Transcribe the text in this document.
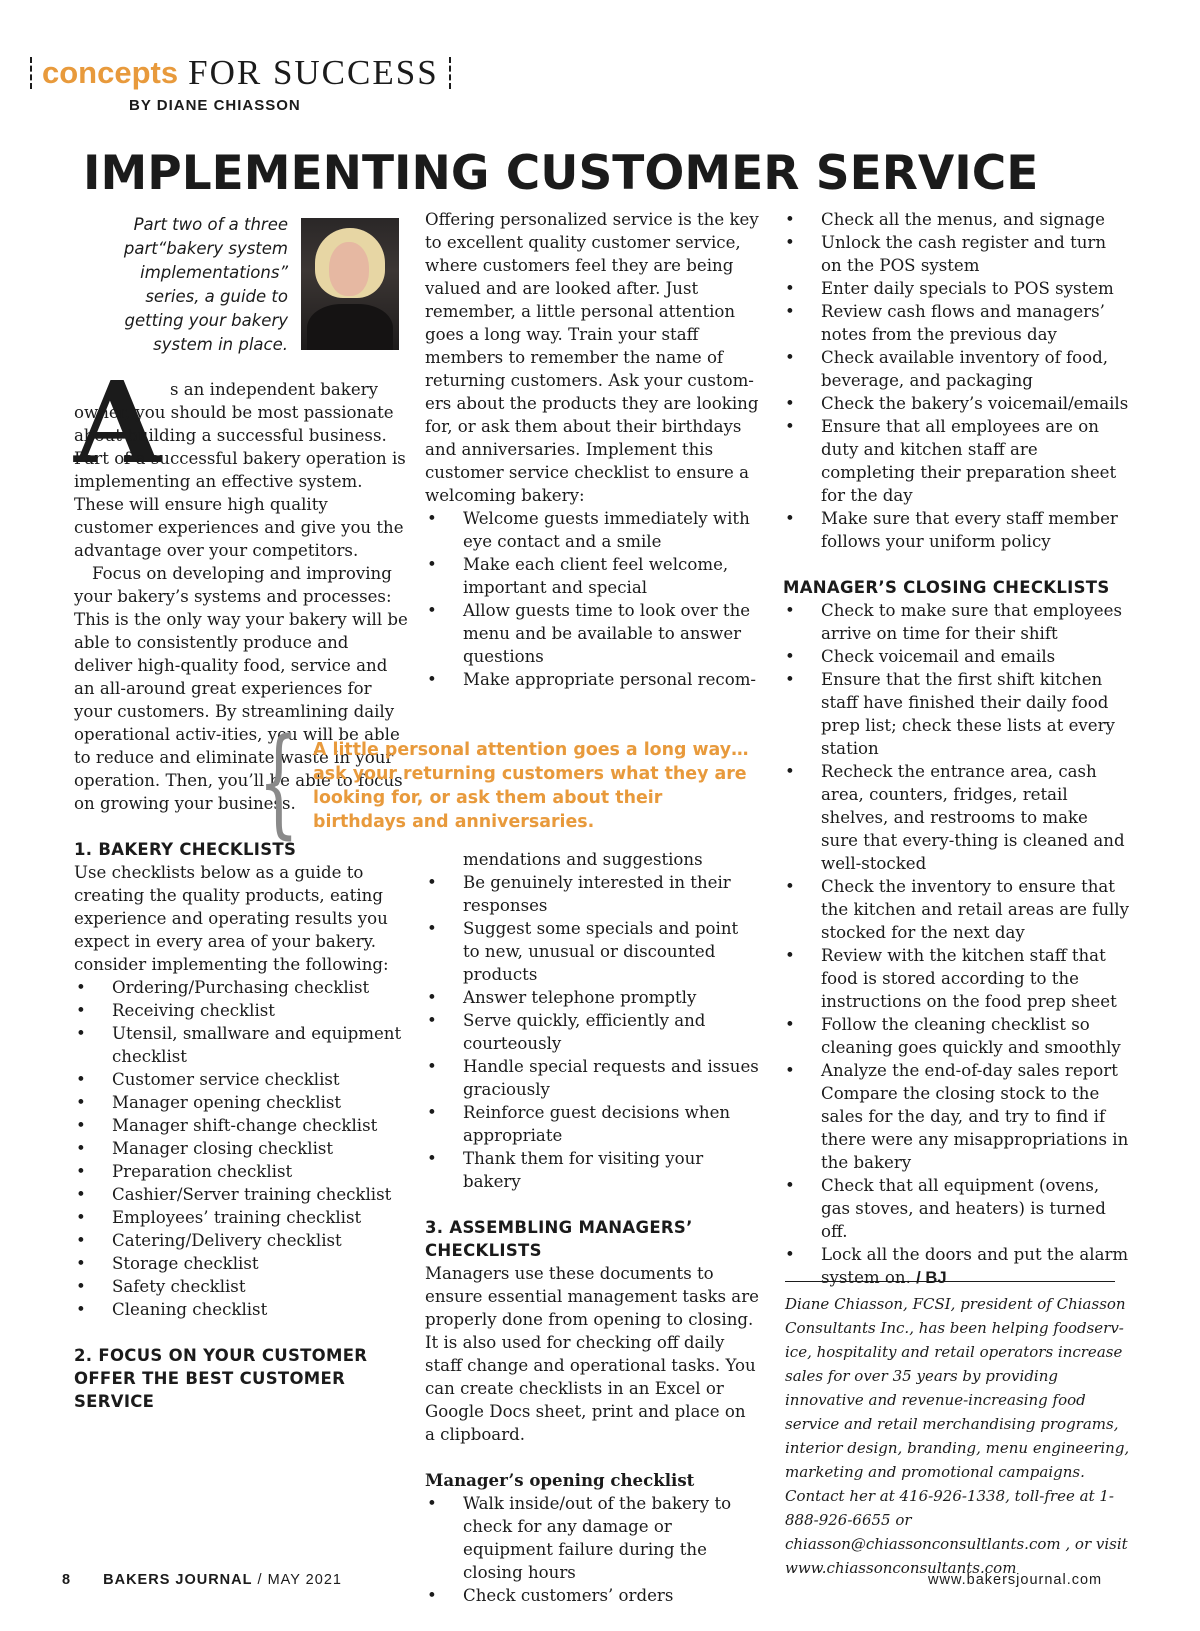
concepts FOR SUCCESS
BY DIANE CHIASSON
IMPLEMENTING CUSTOMER SERVICE
Part two of a three part“bakery system implementations” series, a guide to getting your bakery system in place.
A s an independent bakery owner, you should be most passionate about building a successful business. Part of a successful bakery operation is implementing an effective system. These will ensure high quality customer experiences and give you the advantage over your competitors.

Focus on developing and improving your bakery’s systems and processes: This is the only way your bakery will be able to consistently produce and deliver high-quality food, service and an all-around great experiences for your customers. By streamlining daily operational activ-ities, you will be able to reduce and eliminate waste in your operation. Then, you’ll be able to focus on growing your business.

1. BAKERY CHECKLISTS

Use checklists below as a guide to creating the quality products, eating experience and operating results you expect in every area of your bakery. consider implementing the following:

• Ordering/Purchasing checklist
• Receiving checklist
• Utensil, smallware and equipment checklist
• Customer service checklist
• Manager opening checklist
• Manager shift-change checklist
• Manager closing checklist
• Preparation checklist
• Cashier/Server training checklist
• Employees’ training checklist
• Catering/Delivery checklist
• Storage checklist
• Safety checklist
• Cleaning checklist
2. FOCUS ON YOUR CUSTOMER OFFER THE BEST CUSTOMER SERVICE
{ A little personal attention goes a long way… ask your returning customers what they are looking for, or ask them about their birthdays and anniversaries.

Offering personalized service is the key to excellent quality customer service, where customers feel they are being valued and are looked after. Just remember, a little personal attention goes a long way. Train your staff members to remember the name of returning customers. Ask your custom-ers about the products they are looking for, or ask them about their birthdays and anniversaries. Implement this customer service checklist to ensure a welcoming bakery:

• Welcome guests immediately with eye contact and a smile
• Make each client feel welcome, important and special
• Allow guests time to look over the menu and be available to answer questions
• Make appropriate personal recom-

mendations and suggestions

• Be genuinely interested in their responses
• Suggest some specials and point to new, unusual or discounted products
• Answer telephone promptly
• Serve quickly, efficiently and courteously
• Handle special requests and issues graciously
• Reinforce guest decisions when appropriate
• Thank them for visiting your bakery
3. ASSEMBLING MANAGERS’ CHECKLISTS

Managers use these documents to ensure essential management tasks are properly done from opening to closing. It is also used for checking off daily staff change and operational tasks. You can create checklists in an Excel or Google Docs sheet, print and place on a clipboard.

Manager’s opening checklist
• Walk inside/out of the bakery to check for any damage or equipment failure during the closing hours
• Check customers’ orders
• Check all the menus, and signage
• Unlock the cash register and turn on the POS system
• Enter daily specials to POS system
• Review cash flows and managers’ notes from the previous day
• Check available inventory of food, beverage, and packaging
• Check the bakery’s voicemail/emails
• Ensure that all employees are on duty and kitchen staff are completing their preparation sheet for the day
• Make sure that every staff member follows your uniform policy
MANAGER’S CLOSING CHECKLISTS
• Check to make sure that employees arrive on time for their shift
• Check voicemail and emails
• Ensure that the first shift kitchen staff have finished their daily food prep list; check these lists at every station
• Recheck the entrance area, cash area, counters, fridges, retail shelves, and restrooms to make sure that every-thing is cleaned and well-stocked
• Check the inventory to ensure that the kitchen and retail areas are fully stocked for the next day
• Review with the kitchen staff that food is stored according to the instructions on the food prep sheet
• Follow the cleaning checklist so cleaning goes quickly and smoothly
• Analyze the end-of-day sales report Compare the closing stock to the sales for the day, and try to find if there were any misappropriations in the bakery
• Check that all equipment (ovens, gas stoves, and heaters) is turned off.
• Lock all the doors and put the alarm system on. / BJ
Diane Chiasson, FCSI, president of Chiasson Consultants Inc., has been helping foodserv-ice, hospitality and retail operators increase sales for over 35 years by providing innovative and revenue-increasing food service and retail merchandising programs, interior design, branding, menu engineering, marketing and promotional campaigns. Contact her at 416-926-1338, toll-free at 1-888-926-6655 or chiasson@chiassonconsultlants.com , or visit www.chiassonconsultants.com
8 BAKERS JOURNAL / MAY 2021	www.bakersjournal.com
